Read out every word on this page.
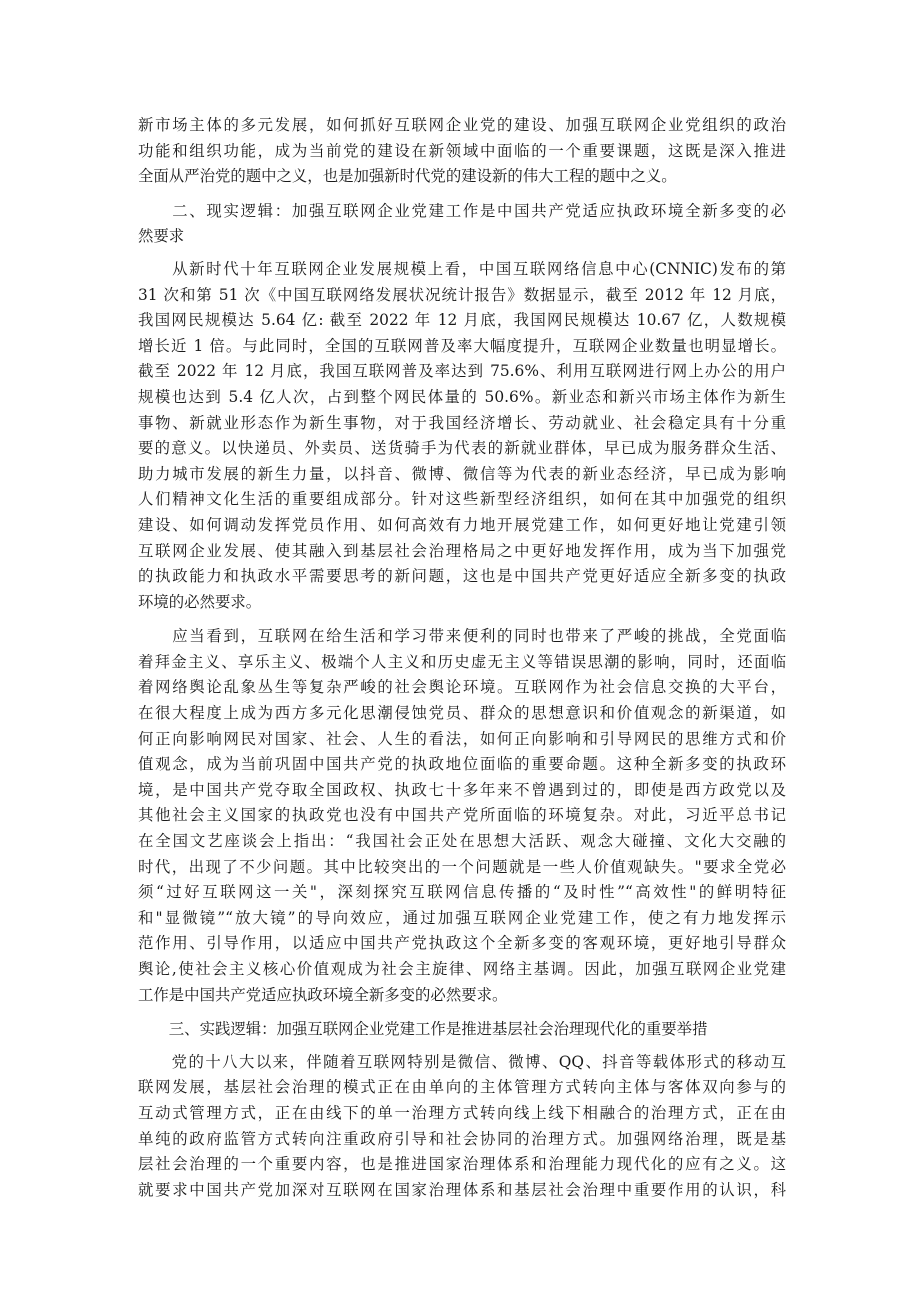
新市场主体的多元发展，如何抓好互联网企业党的建设、加强互联网企业党组织的政治
功能和组织功能，成为当前党的建设在新领域中面临的一个重要课题，这既是深入推进
全面从严治党的题中之义，也是加强新时代党的建设新的伟大工程的题中之义。
　　二、现实逻辑：加强互联网企业党建工作是中国共产党适应执政环境全新多变的必
然要求
　　从新时代十年互联网企业发展规模上看，中国互联网络信息中心(CNNIC)发布的第
31 次和第 51 次《中国互联网络发展状况统计报告》数据显示，截至 2012 年 12 月底，
我国网民规模达 5.64 亿: 截至 2022 年 12 月底，我国网民规模达 10.67 亿，人数规模
增长近 1 倍。与此同时，全国的互联网普及率大幅度提升，互联网企业数量也明显增长。
截至 2022 年 12 月底，我国互联网普及率达到 75.6%、利用互联网进行网上办公的用户
规模也达到 5.4 亿人次，占到整个网民体量的 50.6%。新业态和新兴市场主体作为新生
事物、新就业形态作为新生事物，对于我国经济增长、劳动就业、社会稳定具有十分重
要的意义。以快递员、外卖员、送货骑手为代表的新就业群体，早已成为服务群众生活、
助力城市发展的新生力量，以抖音、微博、微信等为代表的新业态经济，早已成为影响
人们精神文化生活的重要组成部分。针对这些新型经济组织，如何在其中加强党的组织
建设、如何调动发挥党员作用、如何高效有力地开展党建工作，如何更好地让党建引领
互联网企业发展、使其融入到基层社会治理格局之中更好地发挥作用，成为当下加强党
的执政能力和执政水平需要思考的新问题，这也是中国共产党更好适应全新多变的执政
环境的必然要求。
　　应当看到，互联网在给生活和学习带来便利的同时也带来了严峻的挑战，全党面临
着拜金主义、享乐主义、极端个人主义和历史虚无主义等错误思潮的影响，同时，还面临
着网络舆论乱象丛生等复杂严峻的社会舆论环境。互联网作为社会信息交换的大平台，
在很大程度上成为西方多元化思潮侵蚀党员、群众的思想意识和价值观念的新渠道，如
何正向影响网民对国家、社会、人生的看法，如何正向影响和引导网民的思维方式和价
值观念，成为当前巩固中国共产党的执政地位面临的重要命题。这种全新多变的执政环
境，是中国共产党夺取全国政权、执政七十多年来不曾遇到过的，即使是西方政党以及
其他社会主义国家的执政党也没有中国共产党所面临的环境复杂。对此，习近平总书记
在全国文艺座谈会上指出：“我国社会正处在思想大活跃、观念大碰撞、文化大交融的
时代，出现了不少问题。其中比较突出的一个问题就是一些人价值观缺失。"要求全党必
须“过好互联网这一关"，深刻探究互联网信息传播的“及时性”“高效性"的鲜明特征
和"显微镜”“放大镜”的导向效应，通过加强互联网企业党建工作，使之有力地发挥示
范作用、引导作用，以适应中国共产党执政这个全新多变的客观环境，更好地引导群众
舆论,使社会主义核心价值观成为社会主旋律、网络主基调。因此，加强互联网企业党建
工作是中国共产党适应执政环境全新多变的必然要求。
　　三、实践逻辑：加强互联网企业党建工作是推进基层社会治理现代化的重要举措
　　党的十八大以来，伴随着互联网特别是微信、微博、QQ、抖音等载体形式的移动互
联网发展，基层社会治理的模式正在由单向的主体管理方式转向主体与客体双向参与的
互动式管理方式，正在由线下的单一治理方式转向线上线下相融合的治理方式，正在由
单纯的政府监管方式转向注重政府引导和社会协同的治理方式。加强网络治理，既是基
层社会治理的一个重要内容，也是推进国家治理体系和治理能力现代化的应有之义。这
就要求中国共产党加深对互联网在国家治理体系和基层社会治理中重要作用的认识，科
